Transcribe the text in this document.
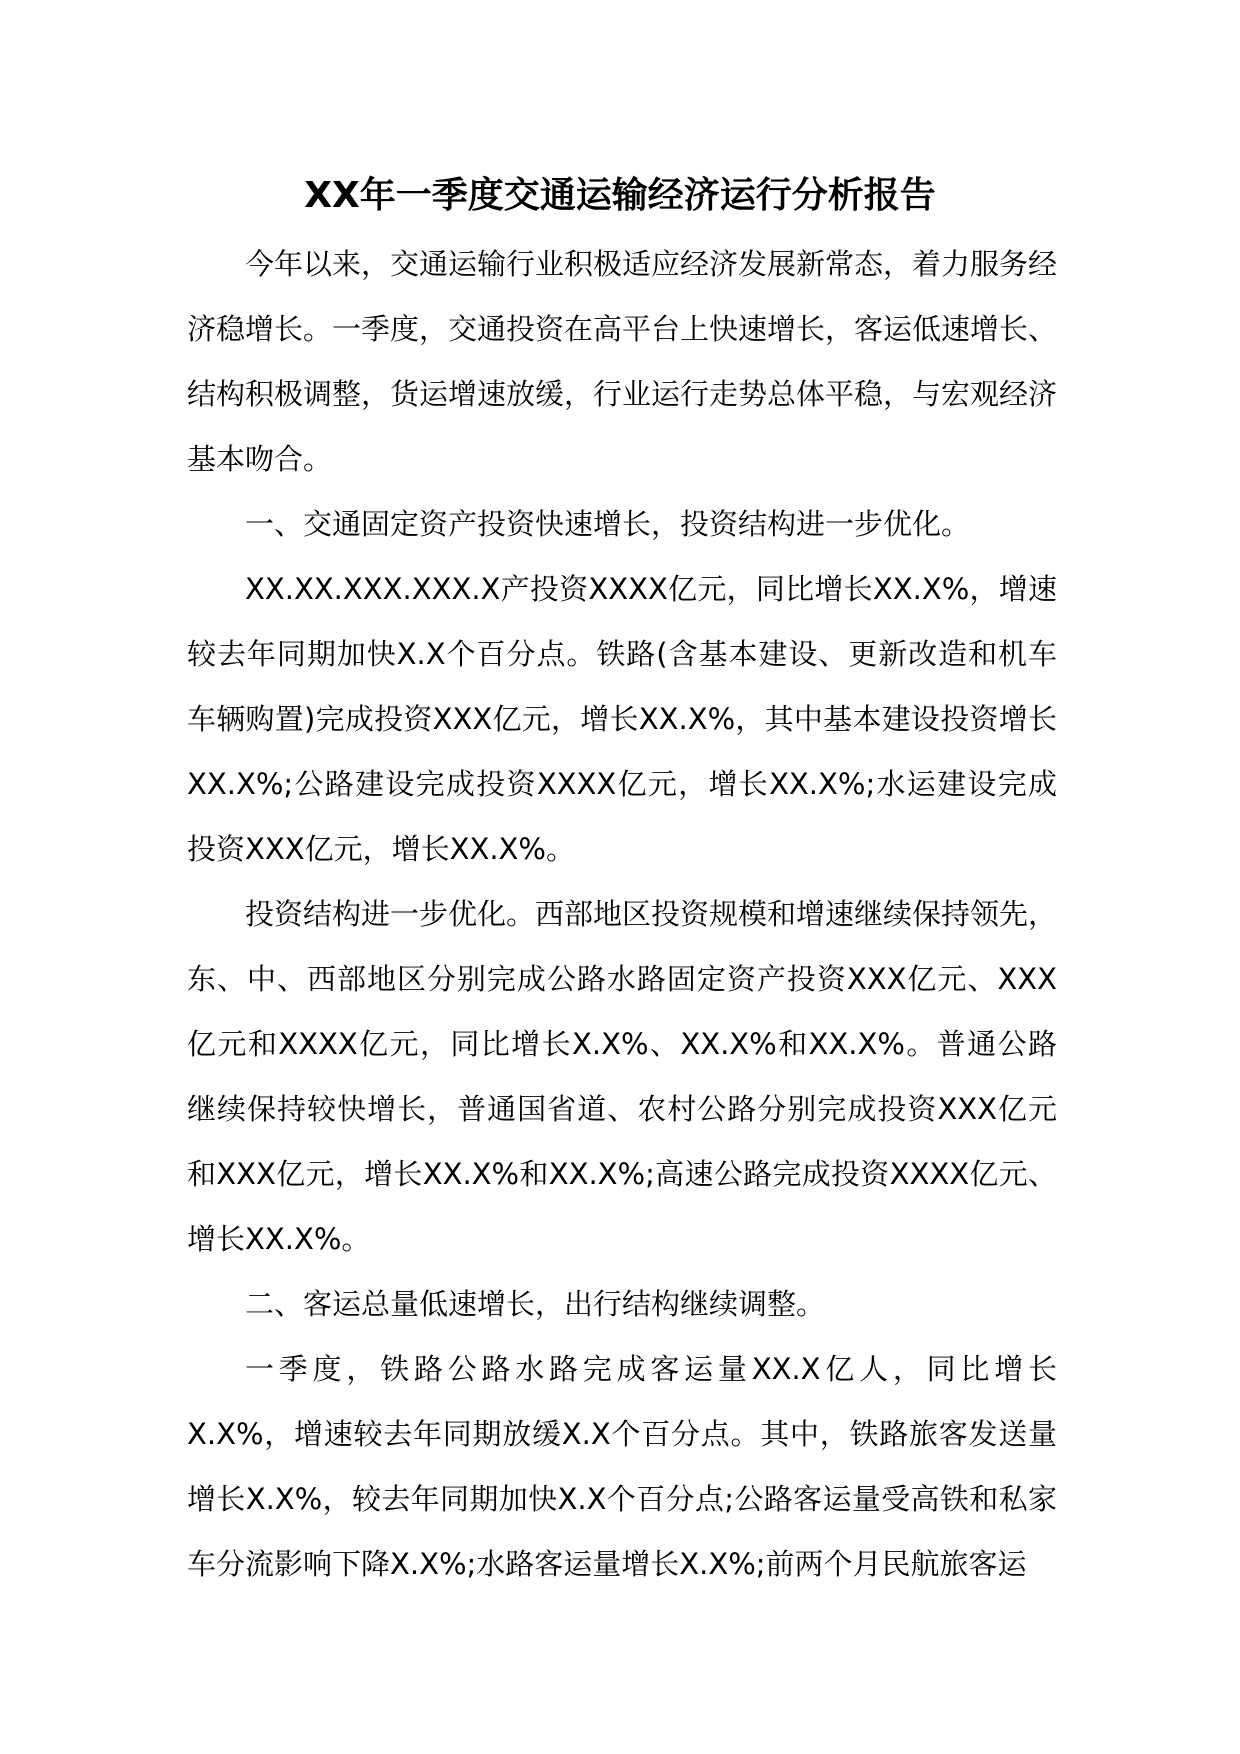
XX年一季度交通运输经济运行分析报告

今年以来，交通运输行业积极适应经济发展新常态，着力服务经济稳增长。一季度，交通投资在高平台上快速增长，客运低速增长、结构积极调整，货运增速放缓，行业运行走势总体平稳，与宏观经济基本吻合。

一、交通固定资产投资快速增长，投资结构进一步优化。

XX.XX.XXX.XXX.X产投资XXXX亿元，同比增长XX.X%，增速较去年同期加快X.X个百分点。铁路(含基本建设、更新改造和机车车辆购置)完成投资XXX亿元，增长XX.X%，其中基本建设投资增长XX.X%;公路建设完成投资XXXX亿元，增长XX.X%;水运建设完成投资XXX亿元，增长XX.X%。

投资结构进一步优化。西部地区投资规模和增速继续保持领先，东、中、西部地区分别完成公路水路固定资产投资XXX亿元、XXX亿元和XXXX亿元，同比增长X.X%、XX.X%和XX.X%。普通公路继续保持较快增长，普通国省道、农村公路分别完成投资XXX亿元和XXX亿元，增长XX.X%和XX.X%;高速公路完成投资XXXX亿元、增长XX.X%。

二、客运总量低速增长，出行结构继续调整。

一季度，铁路公路水路完成客运量XX.X亿人，同比增长X.X%，增速较去年同期放缓X.X个百分点。其中，铁路旅客发送量增长X.X%，较去年同期加快X.X个百分点;公路客运量受高铁和私家车分流影响下降X.X%;水路客运量增长X.X%;前两个月民航旅客运
